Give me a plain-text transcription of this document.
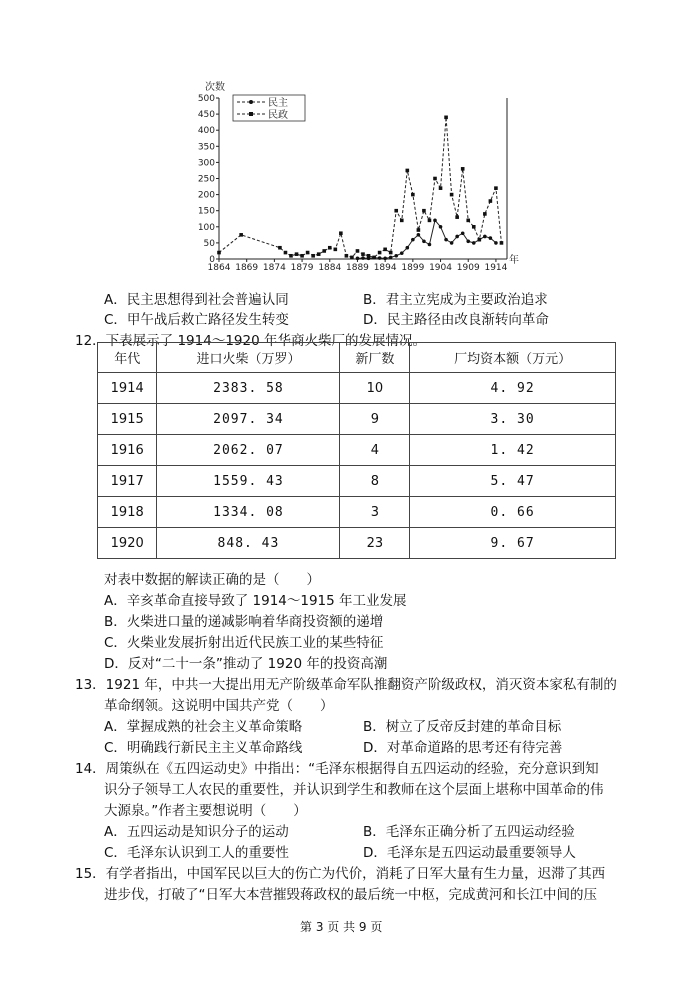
次数
年
0
50
100
150
200
250
300
350
400
450
500
1864 1869 1874 1879 1884 1889 1894 1899 1904 1909 1914
民主
民政
A．民主思想得到社会普遍认同	B．君主立宪成为主要政治追求
C．甲午战后救亡路径发生转变	D．民主路径由改良渐转向革命
12．下表展示了 1914～1920 年华商火柴厂的发展情况。
年代	进口火柴（万罗）	新厂数	厂均资本额（万元）
1914	2383. 58	10	4. 92
1915	2097. 34	9	3. 30
1916	2062. 07	4	1. 42
1917	1559. 43	8	5. 47
1918	1334. 08	3	0. 66
1920	848. 43	23	9. 67
对表中数据的解读正确的是（　　）
A．辛亥革命直接导致了 1914～1915 年工业发展
B．火柴进口量的递减影响着华商投资额的递增
C．火柴业发展折射出近代民族工业的某些特征
D．反对“二十一条”推动了 1920 年的投资高潮
13．1921 年，中共一大提出用无产阶级革命军队推翻资产阶级政权，消灭资本家私有制的
革命纲领。这说明中国共产党（　　）
A．掌握成熟的社会主义革命策略	B．树立了反帝反封建的革命目标
C．明确践行新民主主义革命路线	D．对革命道路的思考还有待完善
14．周策纵在《五四运动史》中指出：“毛泽东根据得自五四运动的经验，充分意识到知
识分子领导工人农民的重要性，并认识到学生和教师在这个层面上堪称中国革命的伟
大源泉。”作者主要想说明（　　）
A．五四运动是知识分子的运动	B．毛泽东正确分析了五四运动经验
C．毛泽东认识到工人的重要性	D．毛泽东是五四运动最重要领导人
15．有学者指出，中国军民以巨大的伤亡为代价，消耗了日军大量有生力量，迟滞了其西
进步伐，打破了“日军大本营摧毁蒋政权的最后统一中枢，完成黄河和长江中间的压
第 3 页 共 9 页
